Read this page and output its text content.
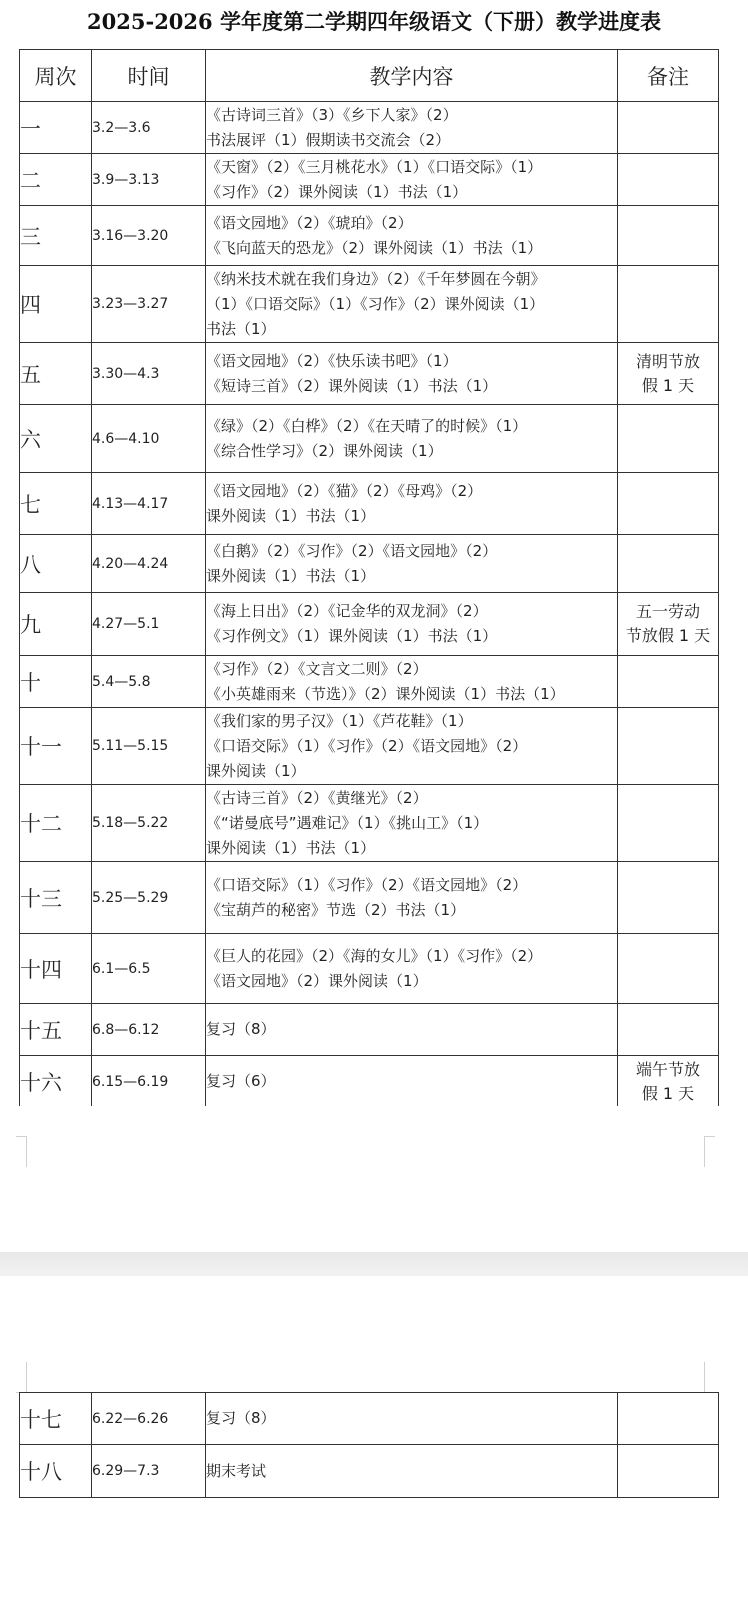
2025-2026 学年度第二学期四年级语文（下册）教学进度表
周次	时间	教学内容	备注
一	3.2—3.6	《古诗词三首》（3）《乡下人家》（2）
书法展评（1）假期读书交流会（2）	

二	3.9—3.13	《天窗》（2）《三月桃花水》（1）《口语交际》（1）
《习作》（2）课外阅读（1）书法（1）	

三	3.16—3.20	《语文园地》（2）《琥珀》（2）
《飞向蓝天的恐龙》（2）课外阅读（1）书法（1）	

四	3.23—3.27	《纳米技术就在我们身边》（2）《千年梦圆在今朝》
（1）《口语交际》（1）《习作》（2）课外阅读（1）
书法（1）	

五	3.30—4.3	《语文园地》（2）《快乐读书吧》（1）
《短诗三首》（2）课外阅读（1）书法（1）	清明节放
假 1 天

六	4.6—4.10	《绿》（2）《白桦》（2）《在天晴了的时候》（1）
《综合性学习》（2）课外阅读（1）	

七	4.13—4.17	《语文园地》（2）《猫》（2）《母鸡》（2）
课外阅读（1）书法（1）	

八	4.20—4.24	《白鹅》（2）《习作》（2）《语文园地》（2）
课外阅读（1）书法（1）	

九	4.27—5.1	《海上日出》（2）《记金华的双龙洞》（2）
《习作例文》（1）课外阅读（1）书法（1）	五一劳动
节放假 1 天

十	5.4—5.8	《习作》（2）《文言文二则》（2）
《小英雄雨来（节选）》（2）课外阅读（1）书法（1）	

十一	5.11—5.15	《我们家的男子汉》（1）《芦花鞋》（1）
《口语交际》（1）《习作》（2）《语文园地》（2）
课外阅读（1）	

十二	5.18—5.22	《古诗三首》（2）《黄继光》（2）
《“诺曼底号”遇难记》（1）《挑山工》（1）
课外阅读（1）书法（1）	

十三	5.25—5.29	《口语交际》（1）《习作》（2）《语文园地》（2）
《宝葫芦的秘密》节选（2）书法（1）	

十四	6.1—6.5	《巨人的花园》（2）《海的女儿》（1）《习作》（2）
《语文园地》（2）课外阅读（1）	

十五	6.8—6.12	复习（8）	

十六	6.15—6.19	复习（6）	端午节放
假 1 天
十七	6.22—6.26	复习（8）	

十八	6.29—7.3	期末考试	
